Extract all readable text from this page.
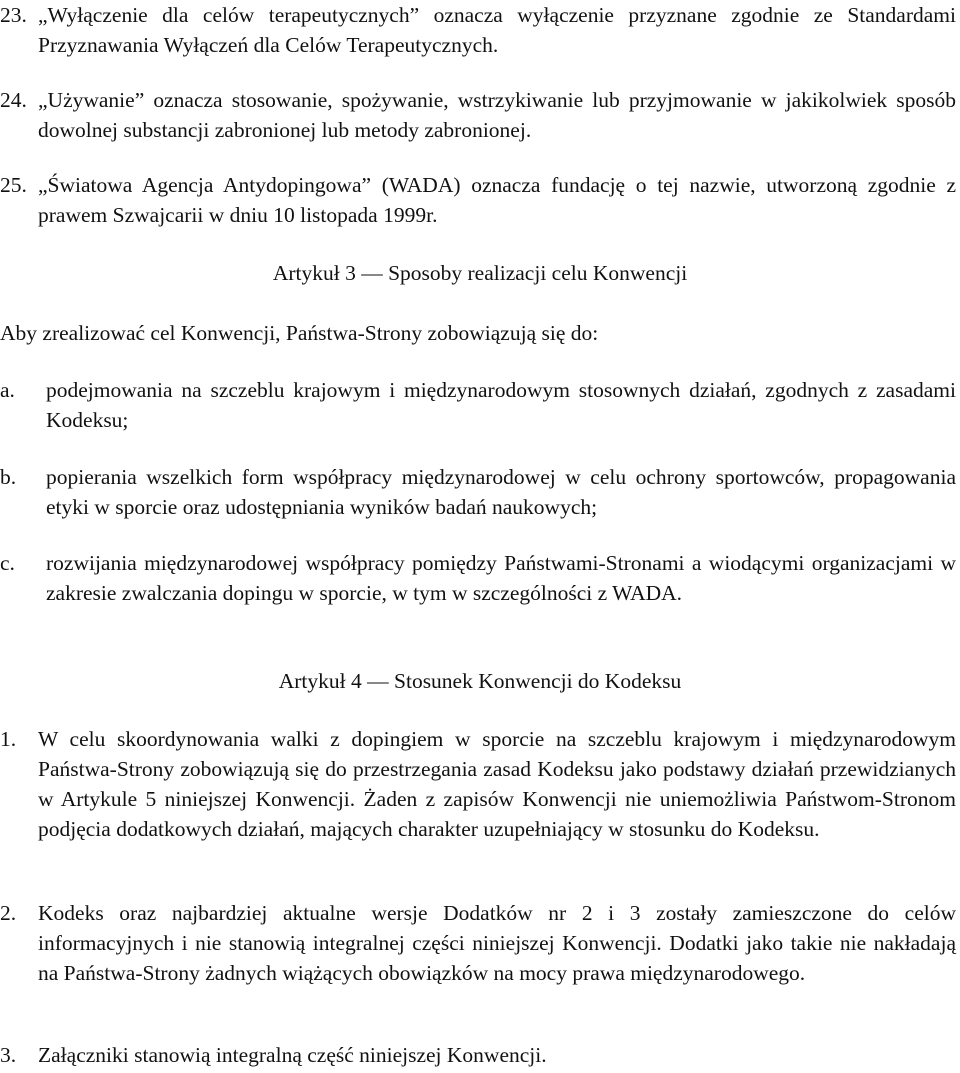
23. „Wyłączenie dla celów terapeutycznych” oznacza wyłączenie przyznane zgodnie ze Standardami Przyznawania Wyłączeń dla Celów Terapeutycznych.
24. „Używanie” oznacza stosowanie, spożywanie, wstrzykiwanie lub przyjmowanie w jakikolwiek sposób dowolnej substancji zabronionej lub metody zabronionej.
25. „Światowa Agencja Antydopingowa” (WADA) oznacza fundację o tej nazwie, utworzoną zgodnie z prawem Szwajcarii w dniu 10 listopada 1999r.
Artykuł 3 — Sposoby realizacji celu Konwencji
Aby zrealizować cel Konwencji, Państwa-Strony zobowiązują się do:
a. podejmowania na szczeblu krajowym i międzynarodowym stosownych działań, zgodnych z zasadami Kodeksu;
b. popierania wszelkich form współpracy międzynarodowej w celu ochrony sportowców, propagowania etyki w sporcie oraz udostępniania wyników badań naukowych;
c. rozwijania międzynarodowej współpracy pomiędzy Państwami-Stronami a wiodącymi organizacjami w zakresie zwalczania dopingu w sporcie, w tym w szczególności z WADA.
Artykuł 4 — Stosunek Konwencji do Kodeksu
1. W celu skoordynowania walki z dopingiem w sporcie na szczeblu krajowym i międzynarodowym Państwa-Strony zobowiązują się do przestrzegania zasad Kodeksu jako podstawy działań przewidzianych w Artykule 5 niniejszej Konwencji. Żaden z zapisów Konwencji nie uniemożliwia Państwom-Stronom podjęcia dodatkowych działań, mających charakter uzupełniający w stosunku do Kodeksu.
2. Kodeks oraz najbardziej aktualne wersje Dodatków nr 2 i 3 zostały zamieszczone do celów informacyjnych i nie stanowią integralnej części niniejszej Konwencji. Dodatki jako takie nie nakładają na Państwa-Strony żadnych wiążących obowiązków na mocy prawa międzynarodowego.
3. Załączniki stanowią integralną część niniejszej Konwencji.
